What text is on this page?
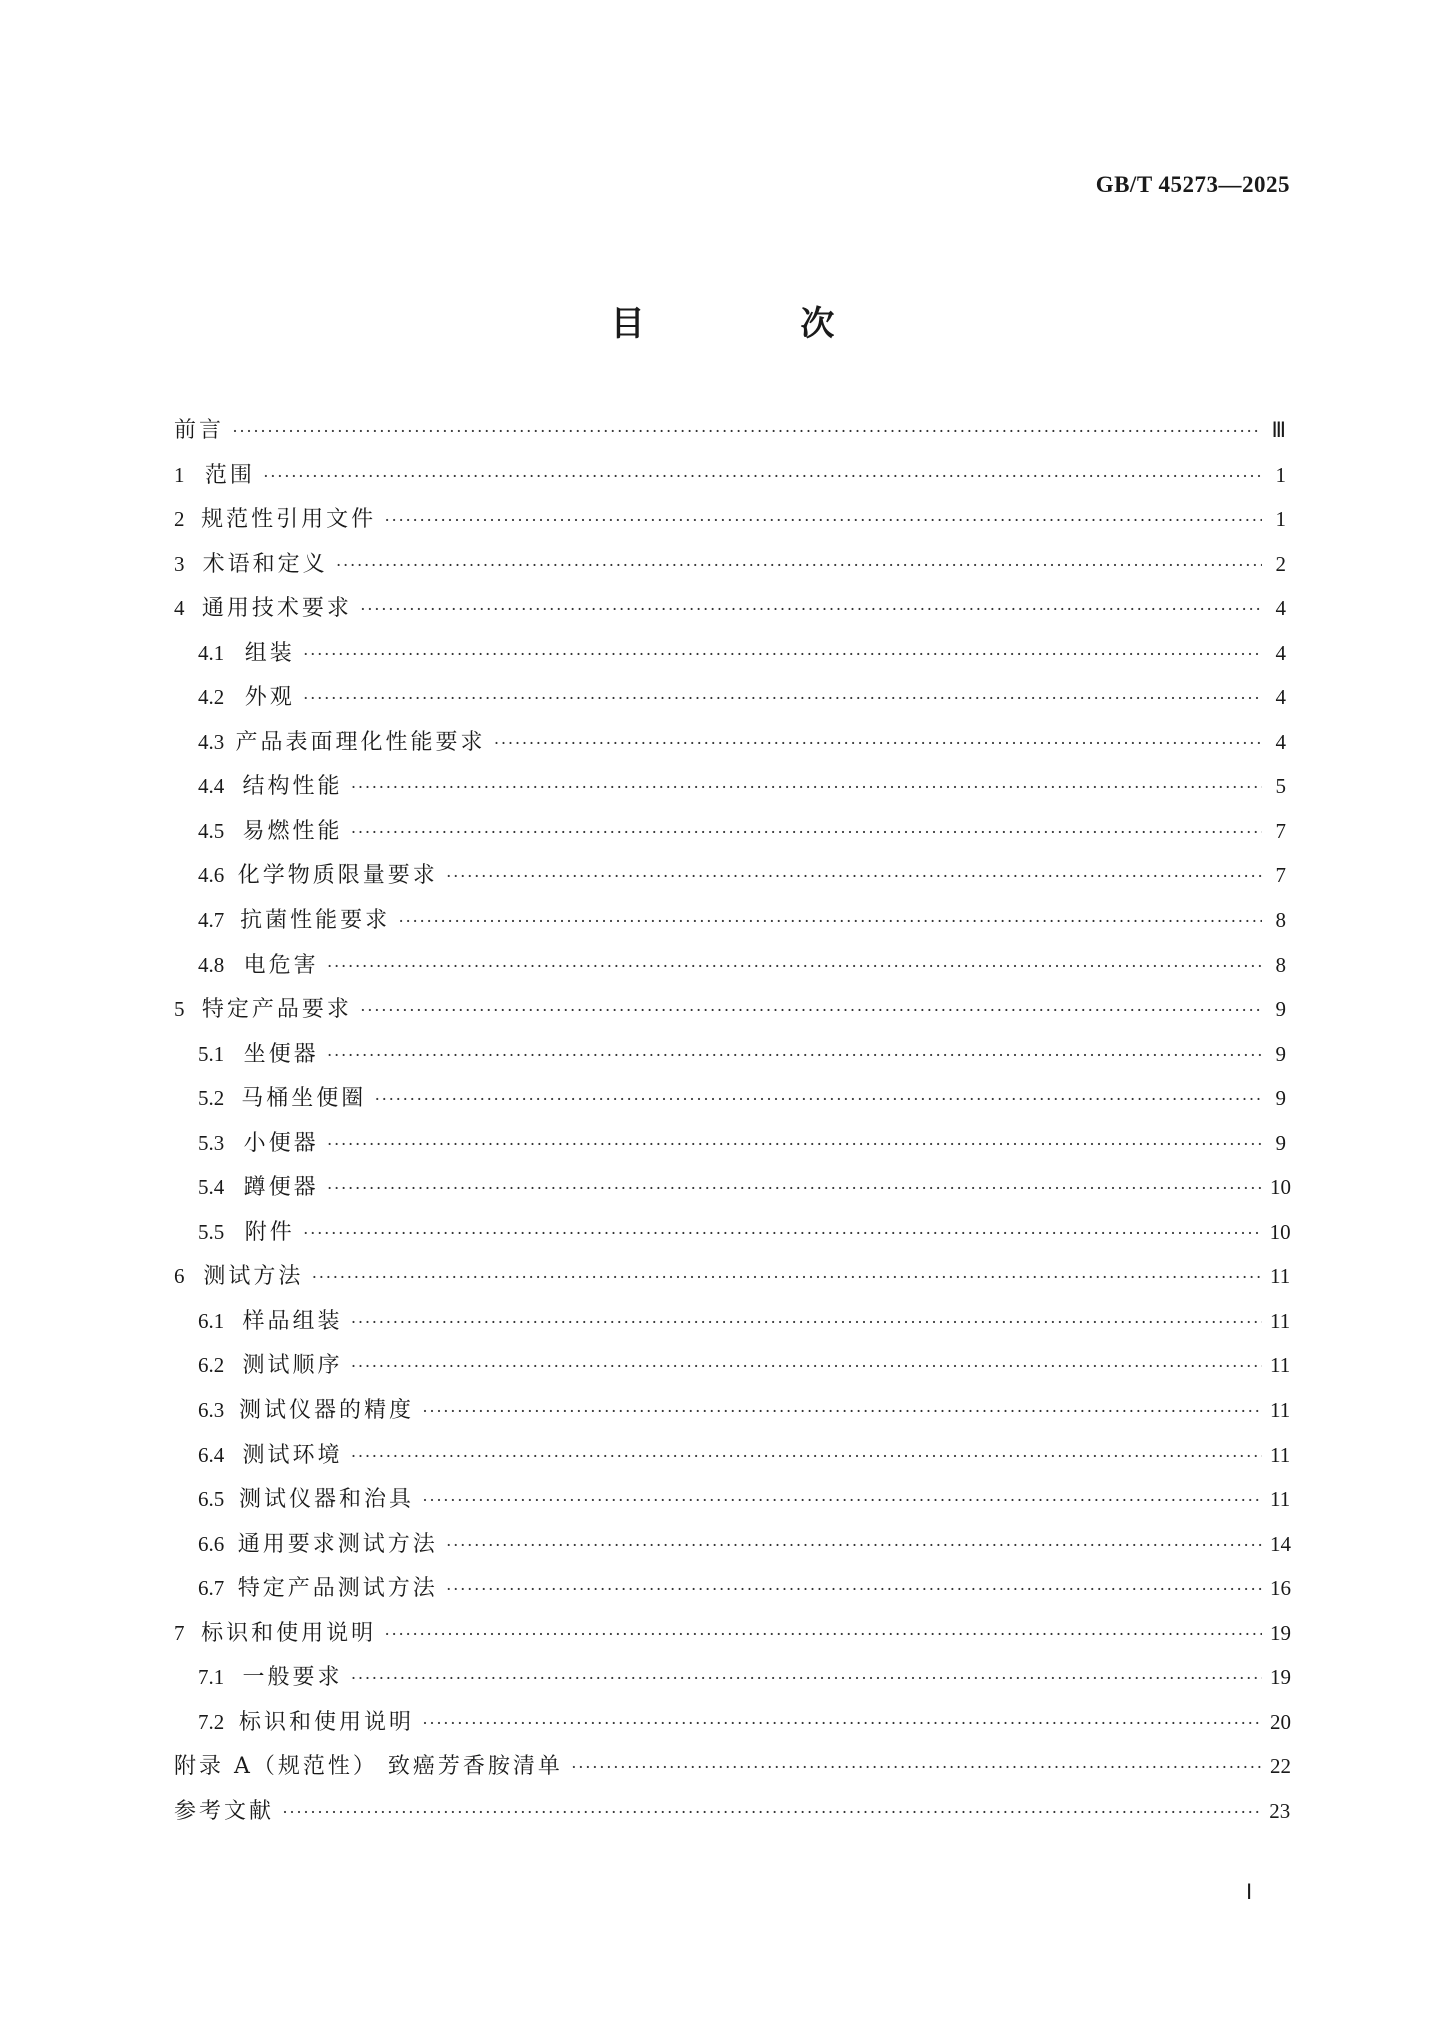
GB/T 45273—2025
目 次
前言 ·····	Ⅲ
1 范围 ·····	1
2 规范性引用文件 ·····	1
3 术语和定义 ·····	2
4 通用技术要求 ·····	4
4.1 组装 ·····	4
4.2 外观 ·····	4
4.3 产品表面理化性能要求 ·····	4
4.4 结构性能 ·····	5
4.5 易燃性能 ·····	7
4.6 化学物质限量要求 ·····	7
4.7 抗菌性能要求 ·····	8
4.8 电危害 ·····	8
5 特定产品要求 ·····	9
5.1 坐便器 ·····	9
5.2 马桶坐便圈 ·····	9
5.3 小便器 ·····	9
5.4 蹲便器 ·····	10
5.5 附件 ·····	10
6 测试方法 ·····	11
6.1 样品组装 ·····	11
6.2 测试顺序 ·····	11
6.3 测试仪器的精度 ·····	11
6.4 测试环境 ·····	11
6.5 测试仪器和治具 ·····	11
6.6 通用要求测试方法 ·····	14
6.7 特定产品测试方法 ·····	16
7 标识和使用说明 ·····	19
7.1 一般要求 ·····	19
7.2 标识和使用说明 ·····	20
附录 A（规范性） 致癌芳香胺清单 ·····	22
参考文献 ·····	23
Ⅰ
